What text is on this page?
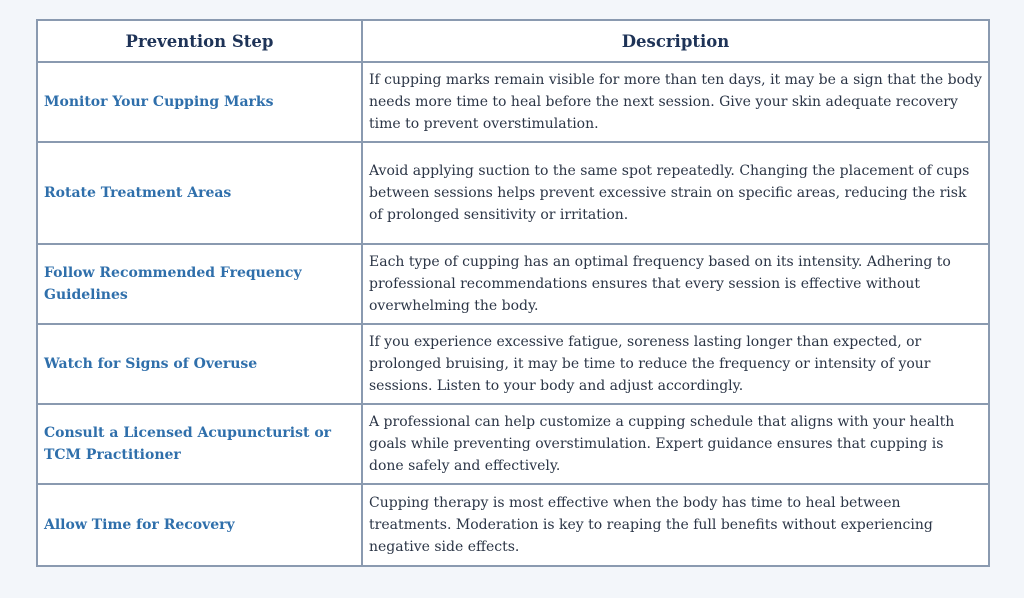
Prevention Step	Description
Monitor Your Cupping Marks	If cupping marks remain visible for more than ten days, it may be a sign that the body needs more time to heal before the next session. Give your skin adequate recovery time to prevent overstimulation.
Rotate Treatment Areas	Avoid applying suction to the same spot repeatedly. Changing the placement of cups between sessions helps prevent excessive strain on specific areas, reducing the risk of prolonged sensitivity or irritation.
Follow Recommended Frequency Guidelines	Each type of cupping has an optimal frequency based on its intensity. Adhering to professional recommendations ensures that every session is effective without overwhelming the body.
Watch for Signs of Overuse	If you experience excessive fatigue, soreness lasting longer than expected, or prolonged bruising, it may be time to reduce the frequency or intensity of your sessions. Listen to your body and adjust accordingly.
Consult a Licensed Acupuncturist or TCM Practitioner	A professional can help customize a cupping schedule that aligns with your health goals while preventing overstimulation. Expert guidance ensures that cupping is done safely and effectively.
Allow Time for Recovery	Cupping therapy is most effective when the body has time to heal between treatments. Moderation is key to reaping the full benefits without experiencing negative side effects.
